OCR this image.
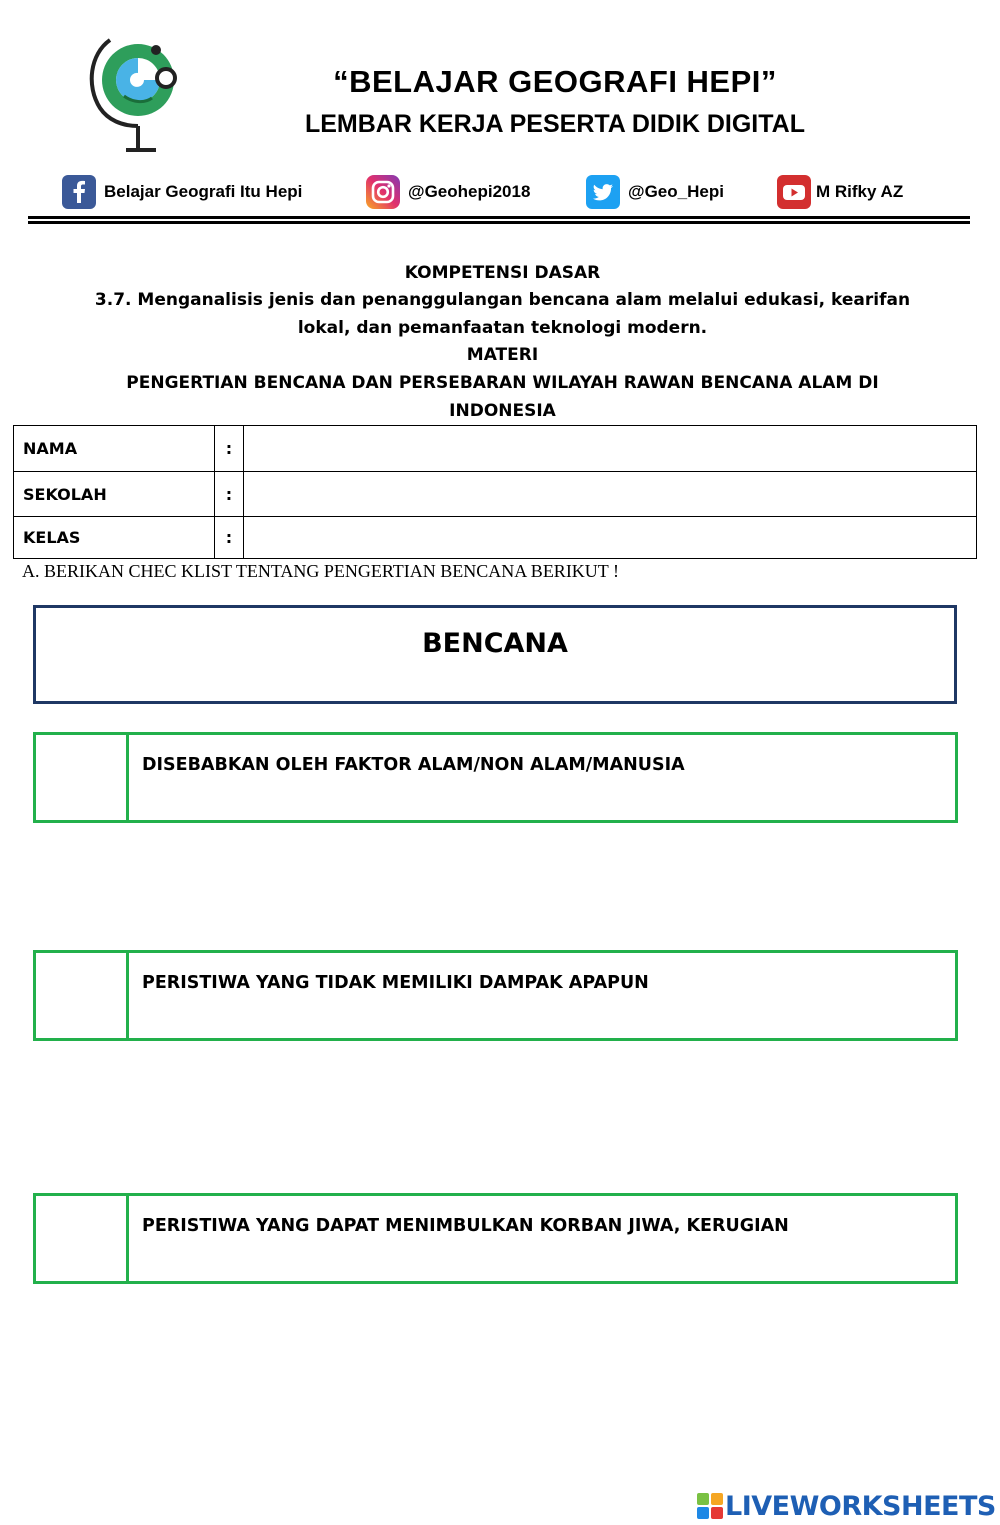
“BELAJAR GEOGRAFI HEPI”
LEMBAR KERJA PESERTA DIDIK DIGITAL
Belajar Geografi Itu Hepi	@Geohepi2018	@Geo_Hepi	M Rifky AZ
KOMPETENSI DASAR
3.7. Menganalisis jenis dan penanggulangan bencana alam melalui edukasi, kearifan
lokal, dan pemanfaatan teknologi modern.
MATERI
PENGERTIAN BENCANA DAN PERSEBARAN WILAYAH RAWAN BENCANA ALAM DI
INDONESIA
NAMA	:	
SEKOLAH	:	
KELAS	:	
A. BERIKAN CHEC KLIST TENTANG PENGERTIAN BENCANA BERIKUT !
BENCANA
DISEBABKAN OLEH FAKTOR ALAM/NON ALAM/MANUSIA
PERISTIWA YANG TIDAK MEMILIKI DAMPAK APAPUN
PERISTIWA YANG DAPAT MENIMBULKAN KORBAN JIWA, KERUGIAN
LIVEWORKSHEETS
